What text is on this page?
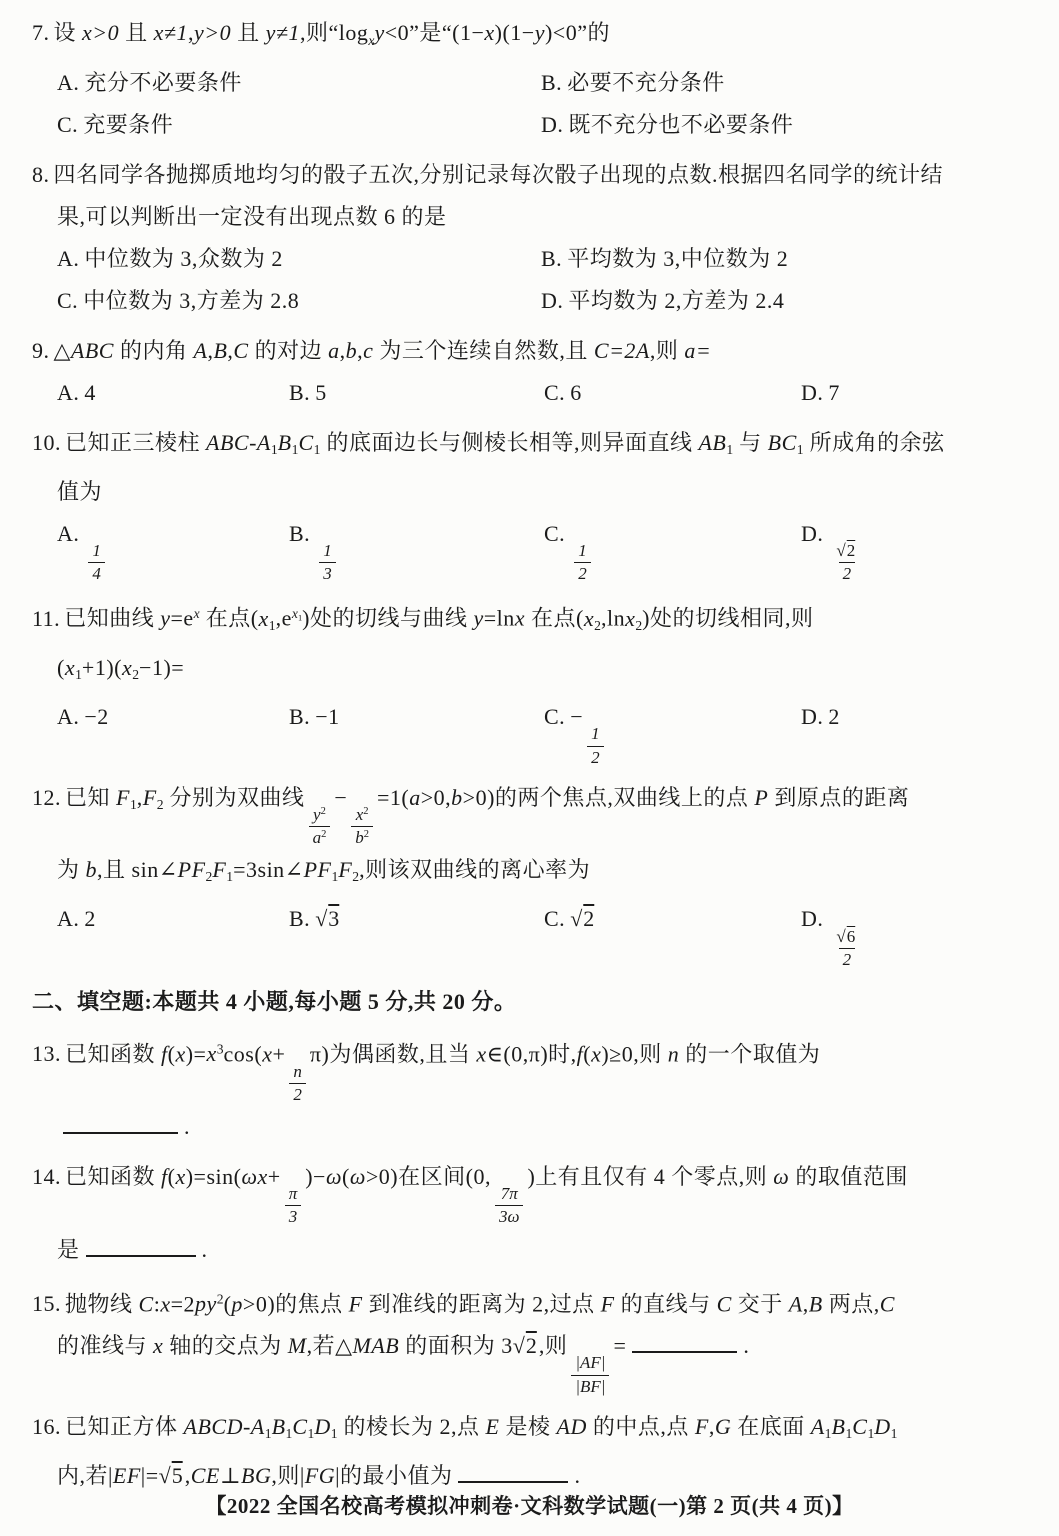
7. 设 x>0 且 x≠1,y>0 且 y≠1,则“$\log_xy<0$”是“(1−x)(1−y)<0”的
A. 充分不必要条件	B. 必要不充分条件
C. 充要条件	D. 既不充分也不必要条件
8. 四名同学各抛掷质地均匀的骰子五次,分别记录每次骰子出现的点数.根据四名同学的统计结
果,可以判断出一定没有出现点数 6 的是
A. 中位数为 3,众数为 2	B. 平均数为 3,中位数为 2
C. 中位数为 3,方差为 2.8	D. 平均数为 2,方差为 2.4
9. △ABC 的内角 A,B,C 的对边 a,b,c 为三个连续自然数,且 C=2A,则 a=
A. 4	B. 5	C. 6	D. 7
10. 已知正三棱柱 ABC-A1B1C1 的底面边长与侧棱长相等,则异面直线 AB1 与 BC1 所成角的余弦
值为
A.
$\frac{1}{4}$
B.
$\frac{1}{3}$
C.
$\frac{1}{2}$
D.
$\frac{√2}{2}$
11. 已知曲线 $y=e^x$ 在点$(x1,e^{x1})$处的切线与曲线 y=lnx 在点(x2,lnx2)处的切线相同,则
(x1+1)(x2−1)=
A. −2	B. −1	C. −
$\frac{1}{2}$
D. 2
12. 已知 F1,F2 分别为双曲线
$\frac{y^2}{a^2}$
−
$\frac{x^2}{b^2}$
=1(a>0,b>0)的两个焦点,双曲线上的点 P 到原点的距离
为 b,且 sin∠PF2F1=3sin∠PF1F2,则该双曲线的离心率为
A. 2	B. √3	C. √2	D.
$\frac{√6}{2}$
二、填空题:本题共 4 小题,每小题 5 分,共 20 分。
13. 已知函数 $f(x)=x^3\cos(x+$
$\frac{n}{2}$
π)为偶函数,且当 x∈(0,π)时,f(x)≥0,则 n 的一个取值为
.
14. 已知函数 f(x)=sin(ωx+
$\frac{\pi}{3}$
)−ω(ω>0)在区间(0,
$\frac{7\pi}{3\omega}$
)上有且仅有 4 个零点,则 ω 的取值范围
是	.
15. 抛物线 $C:x=2py^2(p>0)$的焦点 F 到准线的距离为 2,过点 F 的直线与 C 交于 A,B 两点,C
的准线与 x 轴的交点为 M,若△MAB 的面积为 3√2,则
$\frac{|AF|}{|BF|}$
=	.
16. 已知正方体 ABCD-A1B1C1D1 的棱长为 2,点 E 是棱 AD 的中点,点 F,G 在底面 A1B1C1D1
内,若|EF|=√5,CE⊥BG,则|FG|的最小值为	.
【2022 全国名校高考模拟冲刺卷·文科数学试题(一)第 2 页(共 4 页)】
